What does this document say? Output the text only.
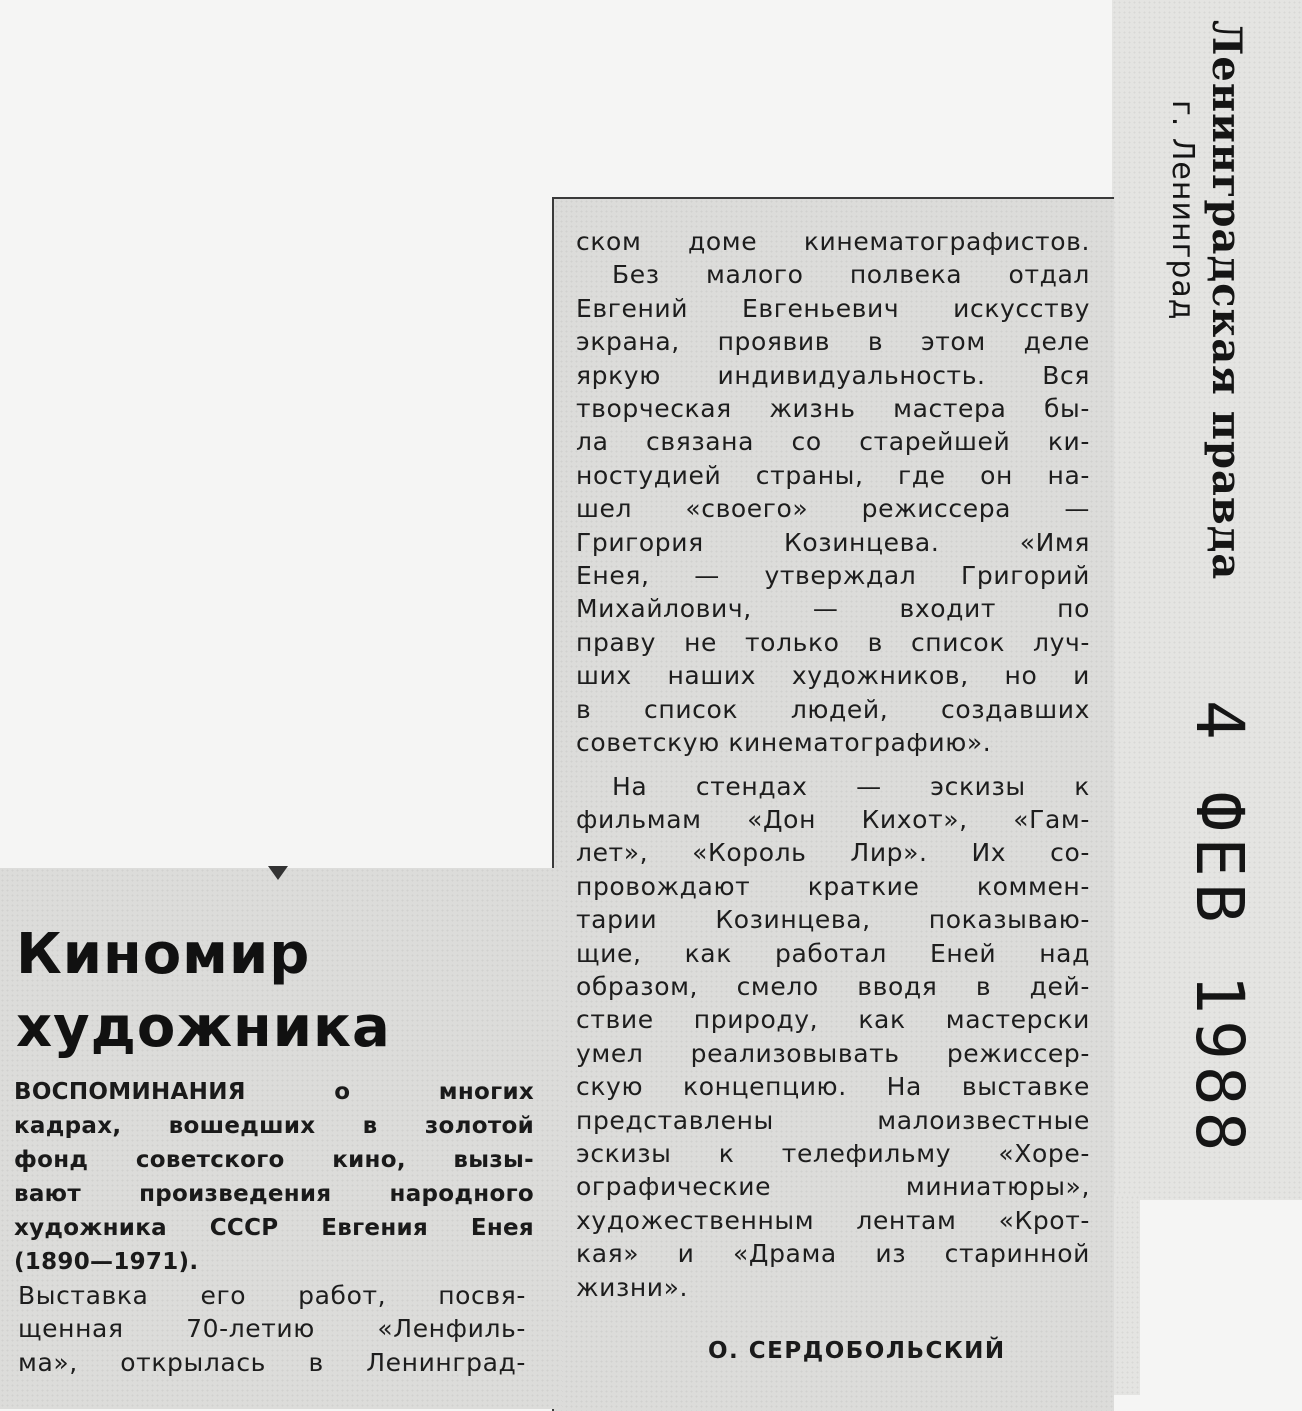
Киномир
художника
ВОСПОМИНАНИЯ о многих
кадрах, вошедших в золотой
фонд советского кино, вызы-
вают произведения народного
художника СССР Евгения Енея
(1890—1971).
Выставка его работ, посвя-
щенная 70-летию «Ленфиль-
ма», открылась в Ленинград-
ском доме кинематографистов.
Без малого полвека отдал
Евгений Евгеньевич искусству
экрана, проявив в этом деле
яркую индивидуальность. Вся
творческая жизнь мастера бы-
ла связана со старейшей ки-
ностудией страны, где он на-
шел «своего» режиссера —
Григория Козинцева. «Имя
Енея, — утверждал Григорий
Михайлович, — входит по
праву не только в список луч-
ших наших художников, но и
в список людей, создавших
советскую кинематографию».
На стендах — эскизы к
фильмам «Дон Кихот», «Гам-
лет», «Король Лир». Их со-
провождают краткие коммен-
тарии Козинцева, показываю-
щие, как работал Еней над
образом, смело вводя в дей-
ствие природу, как мастерски
умел реализовывать режиссер-
скую концепцию. На выставке
представлены малоизвестные
эскизы к телефильму «Хоре-
ографические миниатюры»,
художественным лентам «Крот-
кая» и «Драма из старинной
жизни».
О. СЕРДОБОЛЬСКИЙ
Ленинградская правда
г. Ленинград
4 ФЕВ 1988
